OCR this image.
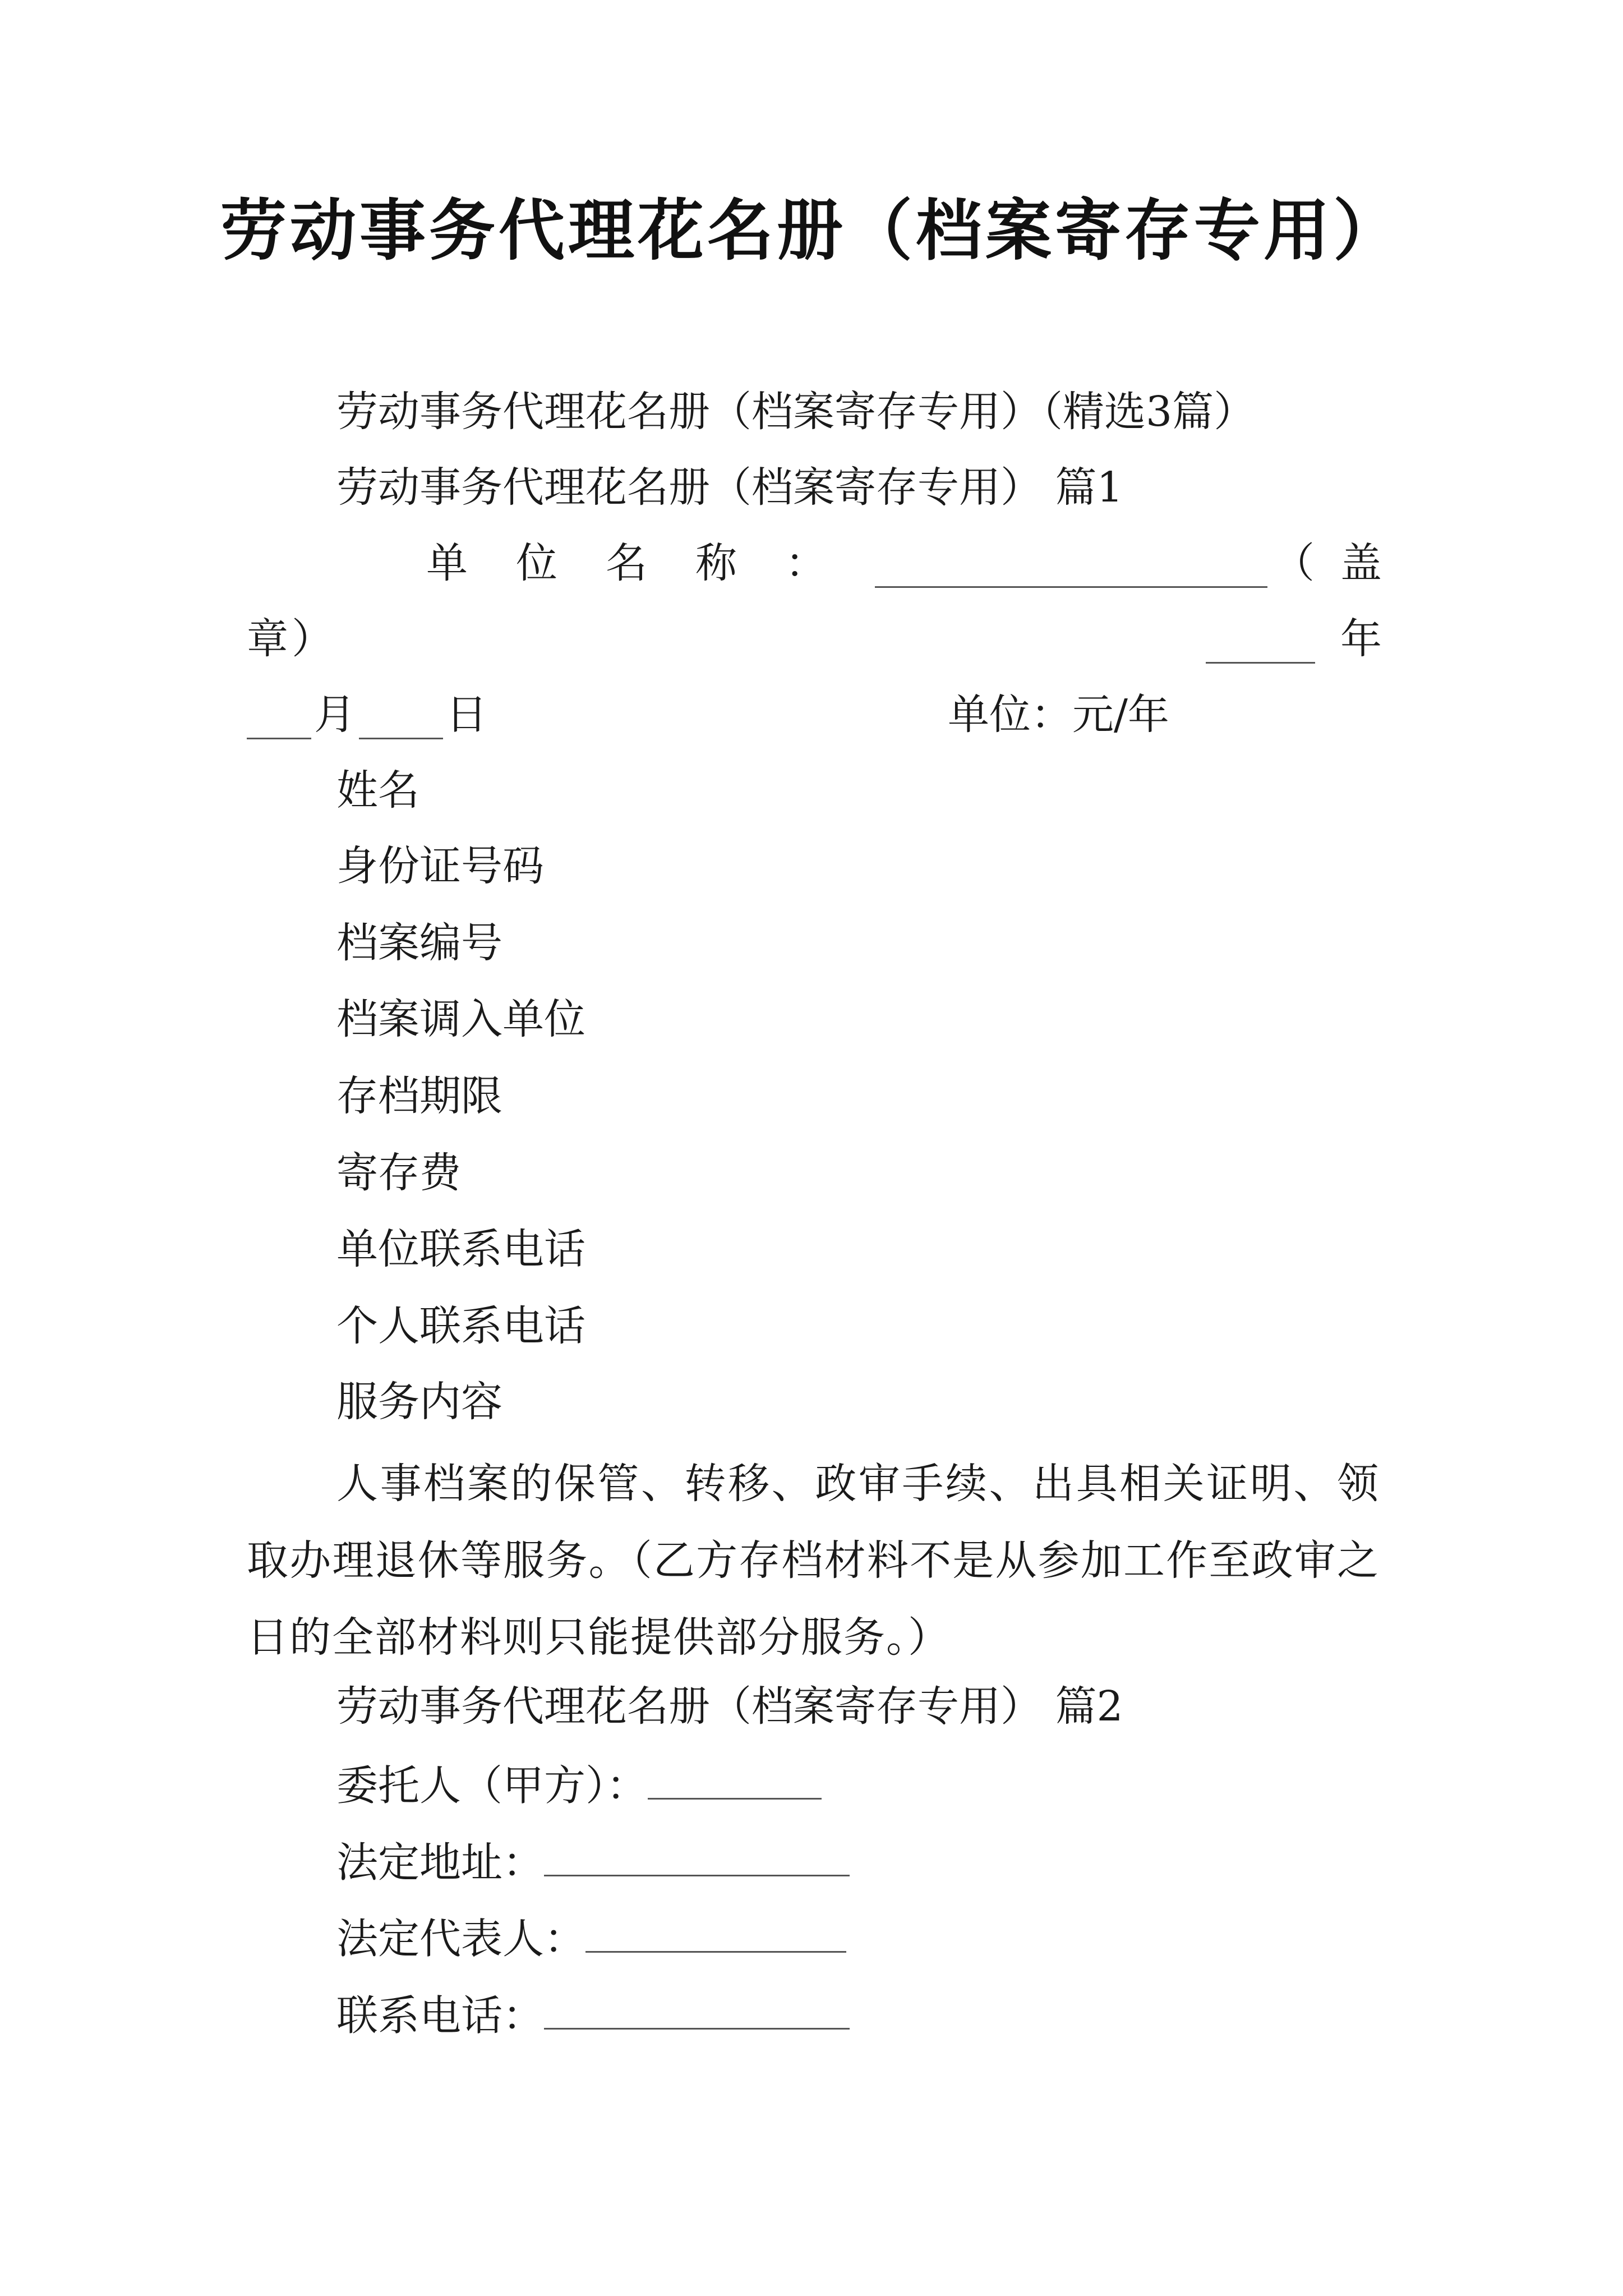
劳动事务代理花名册（档案寄存专用）
劳动事务代理花名册（档案寄存专用）（精选3篇）
劳动事务代理花名册（档案寄存专用） 篇1
单 位 名 称 ：	（ 盖
章 ）	年
月 日	单位：元/年
姓名
身份证号码
档案编号
档案调入单位
存档期限
寄存费
单位联系电话
个人联系电话
服务内容
人事档案的保管、转移、政审手续、出具相关证明、领取办理退休等服务。（乙方存档材料不是从参加工作至政审之日的全部材料则只能提供部分服务。）
劳动事务代理花名册（档案寄存专用） 篇2
委托人（甲方）：
法定地址：
法定代表人：
联系电话：
